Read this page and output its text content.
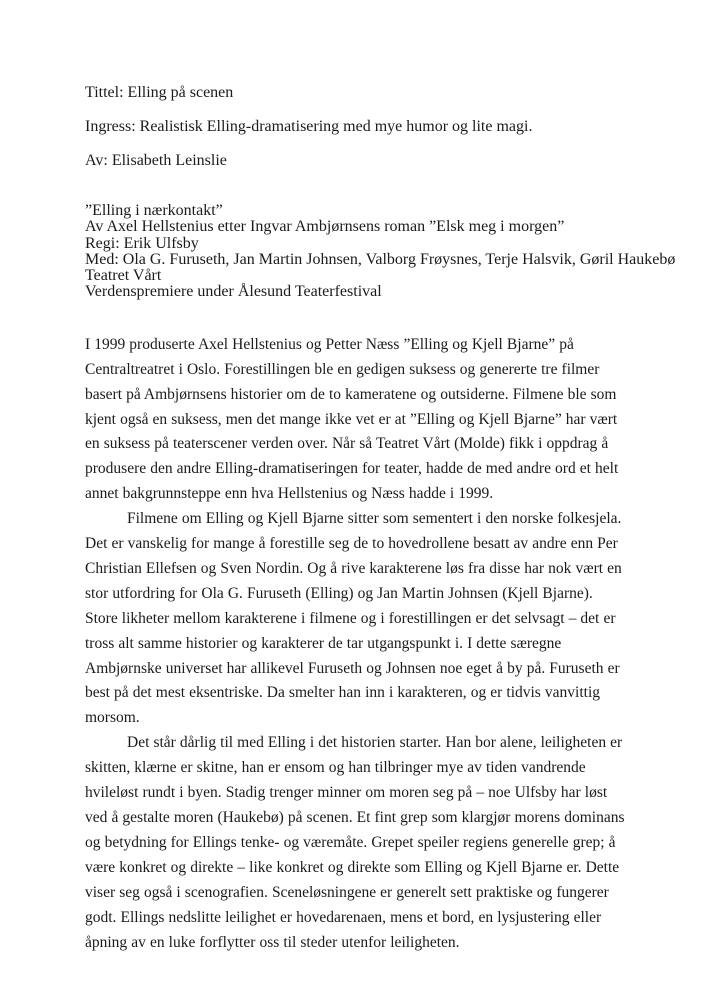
Tittel: Elling på scenen

Ingress: Realistisk Elling-dramatisering med mye humor og lite magi.

Av: Elisabeth Leinslie

”Elling i nærkontakt”
Av Axel Hellstenius etter Ingvar Ambjørnsens roman ”Elsk meg i morgen”
Regi: Erik Ulfsby
Med: Ola G. Furuseth, Jan Martin Johnsen, Valborg Frøysnes, Terje Halsvik, Gøril Haukebø
Teatret Vårt
Verdenspremiere under Ålesund Teaterfestival

I 1999 produserte Axel Hellstenius og Petter Næss ”Elling og Kjell Bjarne” på Centraltreatret i Oslo. Forestillingen ble en gedigen suksess og genererte tre filmer basert på Ambjørnsens historier om de to kameratene og outsiderne. Filmene ble som kjent også en suksess, men det mange ikke vet er at ”Elling og Kjell Bjarne” har vært en suksess på teaterscener verden over. Når så Teatret Vårt (Molde) fikk i oppdrag å produsere den andre Elling-dramatiseringen for teater, hadde de med andre ord et helt annet bakgrunnsteppe enn hva Hellstenius og Næss hadde i 1999.

Filmene om Elling og Kjell Bjarne sitter som sementert i den norske folkesjela. Det er vanskelig for mange å forestille seg de to hovedrollene besatt av andre enn Per Christian Ellefsen og Sven Nordin. Og å rive karakterene løs fra disse har nok vært en stor utfordring for Ola G. Furuseth (Elling) og Jan Martin Johnsen (Kjell Bjarne). Store likheter mellom karakterene i filmene og i forestillingen er det selvsagt – det er tross alt samme historier og karakterer de tar utgangspunkt i. I dette særegne Ambjørnske universet har allikevel Furuseth og Johnsen noe eget å by på. Furuseth er best på det mest eksentriske. Da smelter han inn i karakteren, og er tidvis vanvittig morsom.

Det står dårlig til med Elling i det historien starter. Han bor alene, leiligheten er skitten, klærne er skitne, han er ensom og han tilbringer mye av tiden vandrende hvileløst rundt i byen. Stadig trenger minner om moren seg på – noe Ulfsby har løst ved å gestalte moren (Haukebø) på scenen. Et fint grep som klargjør morens dominans og betydning for Ellings tenke- og væremåte. Grepet speiler regiens generelle grep; å være konkret og direkte – like konkret og direkte som Elling og Kjell Bjarne er. Dette viser seg også i scenografien. Sceneløsningene er generelt sett praktiske og fungerer godt. Ellings nedslitte leilighet er hovedarenaen, mens et bord, en lysjustering eller åpning av en luke forflytter oss til steder utenfor leiligheten.
